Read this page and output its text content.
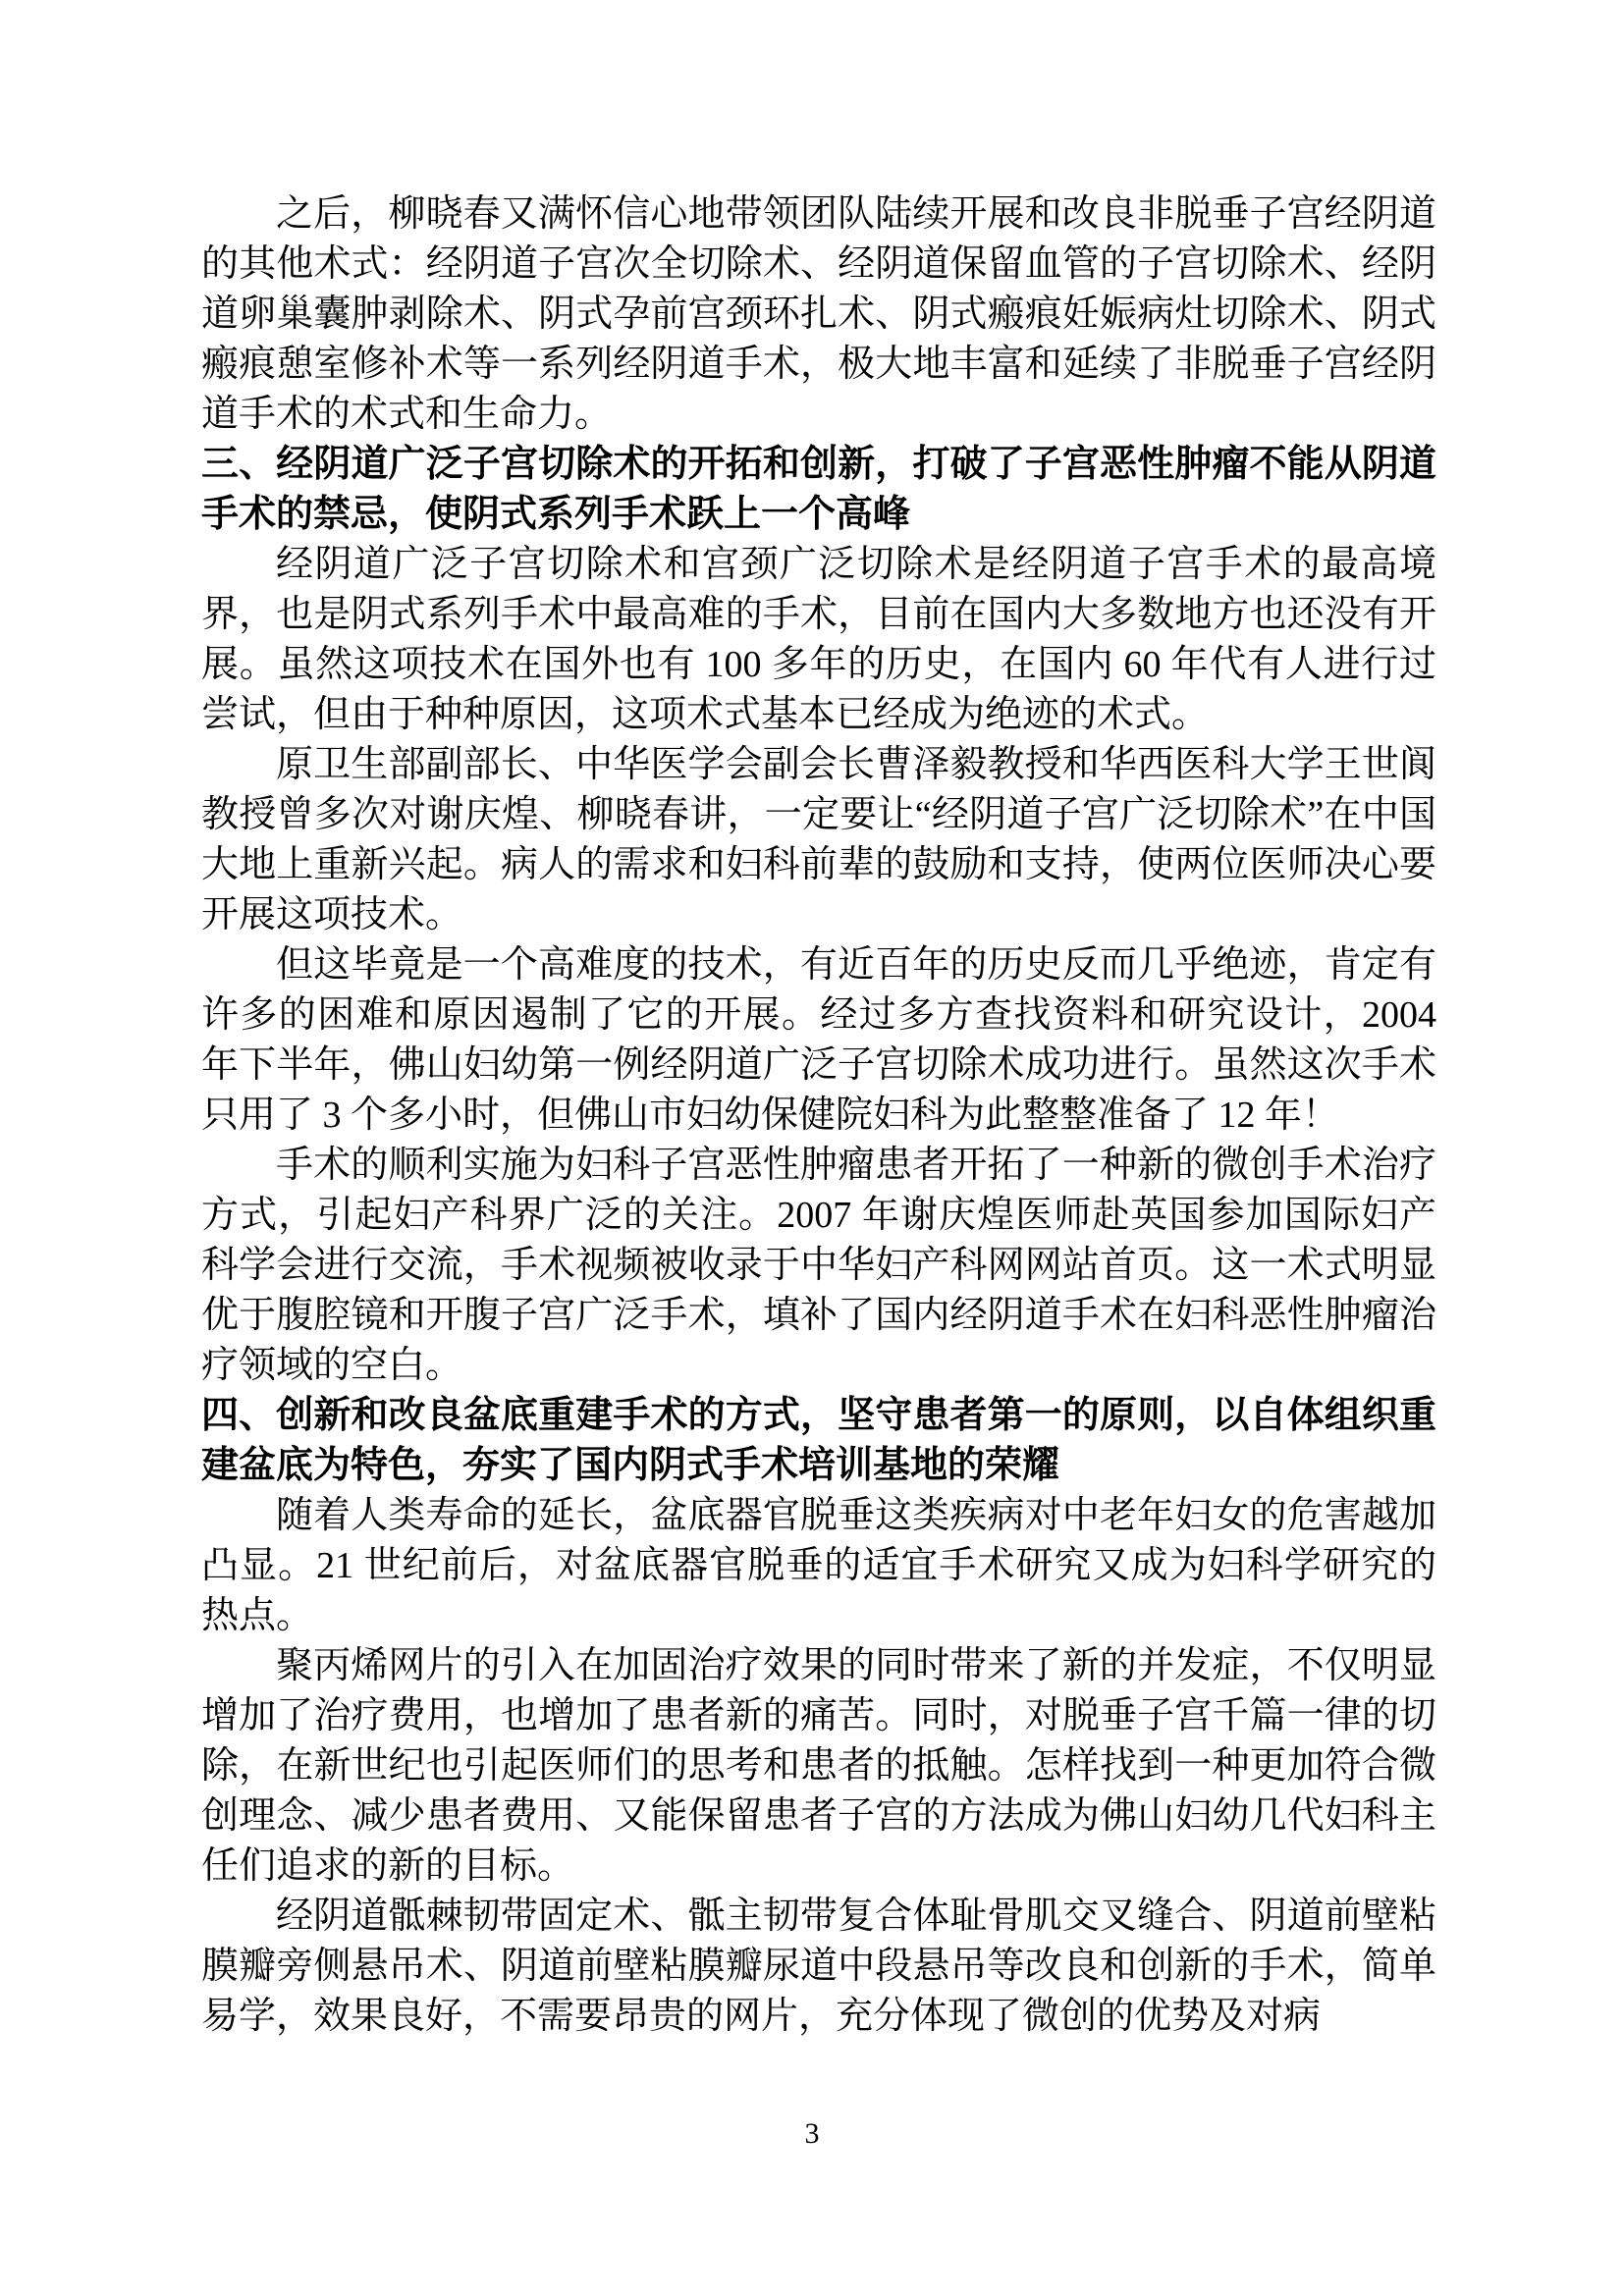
之后，柳晓春又满怀信心地带领团队陆续开展和改良非脱垂子宫经阴道的其他术式：经阴道子宫次全切除术、经阴道保留血管的子宫切除术、经阴道卵巢囊肿剥除术、阴式孕前宫颈环扎术、阴式瘢痕妊娠病灶切除术、阴式瘢痕憩室修补术等一系列经阴道手术，极大地丰富和延续了非脱垂子宫经阴道手术的术式和生命力。

三、经阴道广泛子宫切除术的开拓和创新，打破了子宫恶性肿瘤不能从阴道手术的禁忌，使阴式系列手术跃上一个高峰

经阴道广泛子宫切除术和宫颈广泛切除术是经阴道子宫手术的最高境界，也是阴式系列手术中最高难的手术，目前在国内大多数地方也还没有开展。虽然这项技术在国外也有 100 多年的历史，在国内 60 年代有人进行过尝试，但由于种种原因，这项术式基本已经成为绝迹的术式。

原卫生部副部长、中华医学会副会长曹泽毅教授和华西医科大学王世阆教授曾多次对谢庆煌、柳晓春讲，一定要让“经阴道子宫广泛切除术”在中国大地上重新兴起。病人的需求和妇科前辈的鼓励和支持，使两位医师决心要开展这项技术。

但这毕竟是一个高难度的技术，有近百年的历史反而几乎绝迹，肯定有许多的困难和原因遏制了它的开展。经过多方查找资料和研究设计，2004 年下半年，佛山妇幼第一例经阴道广泛子宫切除术成功进行。虽然这次手术只用了 3 个多小时，但佛山市妇幼保健院妇科为此整整准备了 12 年！

手术的顺利实施为妇科子宫恶性肿瘤患者开拓了一种新的微创手术治疗方式，引起妇产科界广泛的关注。2007 年谢庆煌医师赴英国参加国际妇产科学会进行交流，手术视频被收录于中华妇产科网网站首页。这一术式明显优于腹腔镜和开腹子宫广泛手术，填补了国内经阴道手术在妇科恶性肿瘤治疗领域的空白。

四、创新和改良盆底重建手术的方式，坚守患者第一的原则，以自体组织重建盆底为特色，夯实了国内阴式手术培训基地的荣耀

随着人类寿命的延长，盆底器官脱垂这类疾病对中老年妇女的危害越加凸显。21 世纪前后，对盆底器官脱垂的适宜手术研究又成为妇科学研究的热点。

聚丙烯网片的引入在加固治疗效果的同时带来了新的并发症，不仅明显增加了治疗费用，也增加了患者新的痛苦。同时，对脱垂子宫千篇一律的切除，在新世纪也引起医师们的思考和患者的抵触。怎样找到一种更加符合微创理念、减少患者费用、又能保留患者子宫的方法成为佛山妇幼几代妇科主任们追求的新的目标。

经阴道骶棘韧带固定术、骶主韧带复合体耻骨肌交叉缝合、阴道前壁粘膜瓣旁侧悬吊术、阴道前壁粘膜瓣尿道中段悬吊等改良和创新的手术，简单易学，效果良好，不需要昂贵的网片，充分体现了微创的优势及对病

3
